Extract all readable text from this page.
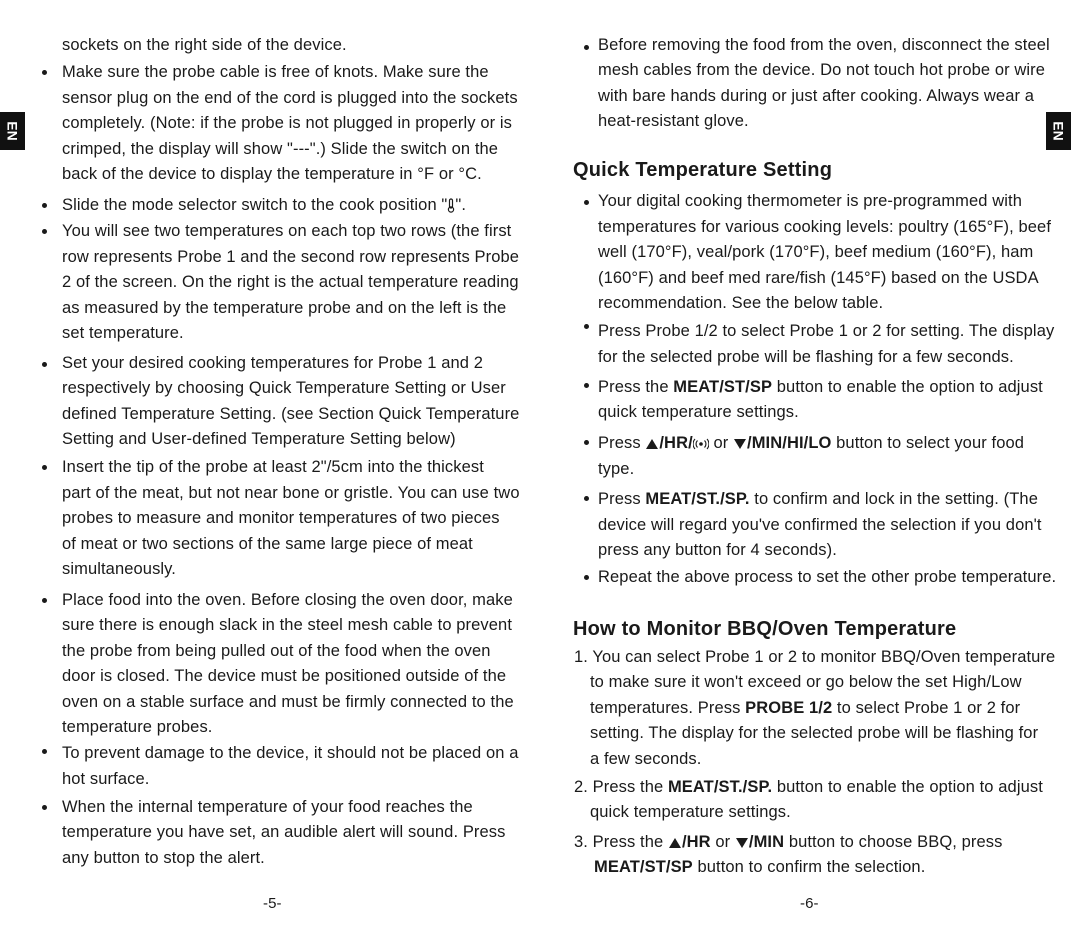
EN	EN
sockets on the right side of the device.
Make sure the probe cable is free of knots. Make sure the
sensor plug on the end of the cord is plugged into the sockets
completely. (Note: if the probe is not plugged in properly or is
crimped, the display will show "---".) Slide the switch on the
back of the device to display the temperature in °F or °C.
Slide the mode selector switch to the cook position " ".
You will see two temperatures on each top two rows (the first
row represents Probe 1 and the second row represents Probe
2 of the screen. On the right is the actual temperature reading
as measured by the temperature probe and on the left is the
set temperature.
Set your desired cooking temperatures for Probe 1 and 2
respectively by choosing Quick Temperature Setting or User
defined Temperature Setting. (see Section Quick Temperature
Setting and User-defined Temperature Setting below)
Insert the tip of the probe at least 2"/5cm into the thickest
part of the meat, but not near bone or gristle. You can use two
probes to measure and monitor temperatures of two pieces
of meat or two sections of the same large piece of meat
simultaneously.
Place food into the oven. Before closing the oven door, make
sure there is enough slack in the steel mesh cable to prevent
the probe from being pulled out of the food when the oven
door is closed. The device must be positioned outside of the
oven on a stable surface and must be firmly connected to the
temperature probes.
To prevent damage to the device, it should not be placed on a
hot surface.
When the internal temperature of your food reaches the
temperature you have set, an audible alert will sound. Press
any button to stop the alert.
-5-
Before removing the food from the oven, disconnect the steel
mesh cables from the device. Do not touch hot probe or wire
with bare hands during or just after cooking. Always wear a
heat-resistant glove.
Quick Temperature Setting
Your digital cooking thermometer is pre-programmed with
temperatures for various cooking levels: poultry (165°F), beef
well (170°F), veal/pork (170°F), beef medium (160°F), ham
(160°F) and beef med rare/fish (145°F) based on the USDA
recommendation. See the below table.
Press Probe 1/2 to select Probe 1 or 2 for setting. The display
for the selected probe will be flashing for a few seconds.
Press the MEAT/ST/SP button to enable the option to adjust
quick temperature settings.
Press /HR/ or /MIN/HI/LO button to select your food
type.
Press MEAT/ST./SP. to confirm and lock in the setting. (The
device will regard you've confirmed the selection if you don't
press any button for 4 seconds).
Repeat the above process to set the other probe temperature.
How to Monitor BBQ/Oven Temperature
1. You can select Probe 1 or 2 to monitor BBQ/Oven temperature
to make sure it won't exceed or go below the set High/Low
temperatures. Press PROBE 1/2 to select Probe 1 or 2 for
setting. The display for the selected probe will be flashing for
a few seconds.
2. Press the MEAT/ST./SP. button to enable the option to adjust
quick temperature settings.
3. Press the /HR or /MIN button to choose BBQ, press
MEAT/ST/SP button to confirm the selection.
-6-
